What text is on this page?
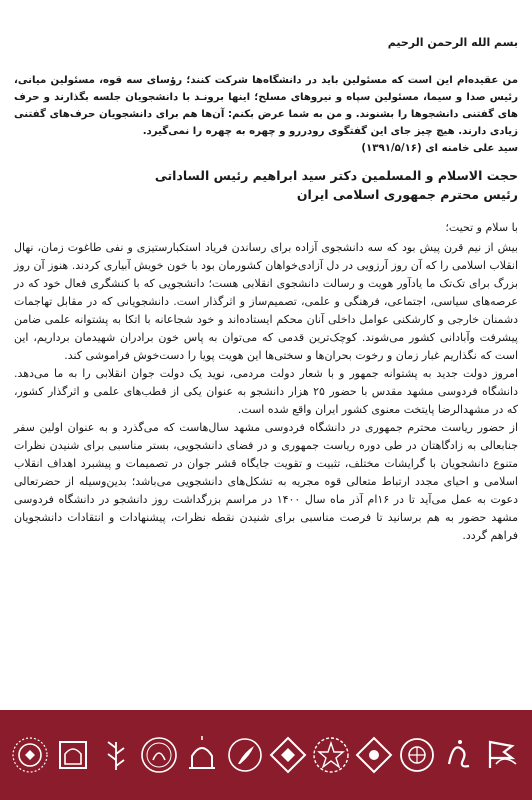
بسم الله الرحمن الرحیم

من عقیده‌ام این است که مسئولین باید در دانشگاه‌ها شرکت کنند؛ رؤسای سه قوه، مسئولین میانی، رئیس صدا و سیما، مسئولین سپاه و نیروهای مسلح؛ اینها برونـد با دانشجویان جلسه بگذارند و حرف های گفتنی دانشجوها را بشنوند. و من به شما عرض بکنم: آن‌ها هم برای دانشجویان حرف‌های گفتنی زیادی دارند. هیچ چیز جای این گفتگوی رودررو و چهره به چهره را نمی‌گیرد.

سید علی خامنه ای (۱۳۹۱/۵/۱۶)

حجت الاسلام و المسلمین دکتر سید ابراهیم رئیس الساداتی

رئیس محترم جمهوری اسلامی ایران

با سلام و تحیت؛

بیش از نیم قرن پیش بود که سه دانشجوی آزاده برای رساندن فریاد استکبارستیزی و نفی طاغوت زمان، نهال انقلاب اسلامی را که آن روز آرزویی در دل آزادی‌خواهان کشورمان بود با خون خویش آبیاری کردند. هنوز آن روز بزرگ برای تک‌تک ما یادآور هویت و رسالت دانشجوی انقلابی هست؛ دانشجویی که با کنشگری فعال خود که در عرصه‌های سیاسی، اجتماعی، فرهنگی و علمی، تصمیم‌ساز و اثرگذار است. دانشجویانی که در مقابل تهاجمات دشمنان خارجی و کارشکنی عوامل داخلی آنان محکم ایستاده‌اند و خود شجاعانه با اتکا به پشتوانه علمی ضامن پیشرفت وآبادانی کشور می‌شوند. کوچک‌ترین قدمی که می‌توان به پاس خون برادران شهیدمان برداریم، این است که نگذاریم غبار زمان و رخوت بحران‌ها و سختی‌ها این هویت پویا را دست‌خوش فراموشی کند.

امروز دولت جدید به پشتوانه جمهور و با شعار دولت مردمی، نوید یک دولت جوان انقلابی را به ما می‌دهد. دانشگاه فردوسی مشهد مقدس با حضور ۲۵ هزار دانشجو به عنوان یکی از قطب‌های علمی و اثرگذار کشور، که در مشهدالرضا پایتخت معنوی کشور ایران واقع شده است.

از حضور ریاست محترم جمهوری در دانشگاه فردوسی مشهد سال‌هاست که می‌گذرد و به عنوان اولین سفر جنابعالی به زادگاهتان در طی دوره ریاست جمهوری و در فضای دانشجویی، بستر مناسبی برای شنیدن نظرات متنوع دانشجویان با گرایشات مختلف، تثبیت و تقویت جایگاه قشر جوان در تصمیمات و پیشبرد اهداف انقلاب اسلامی و احیای مجدد ارتباط متعالی قوه مجریه به تشکل‌های دانشجویی می‌باشد؛ بدین‌وسیله از حضرتعالی دعوت به عمل می‌آید تا در ۱۶ام آذر ماه سال ۱۴۰۰ در مراسم بزرگداشت روز دانشجو در دانشگاه فردوسی مشهد حضور به هم برسانید تا فرصت مناسبی برای شنیدن نقطه نظرات، پیشنهادات و انتقادات دانشجویان فراهم گردد.
